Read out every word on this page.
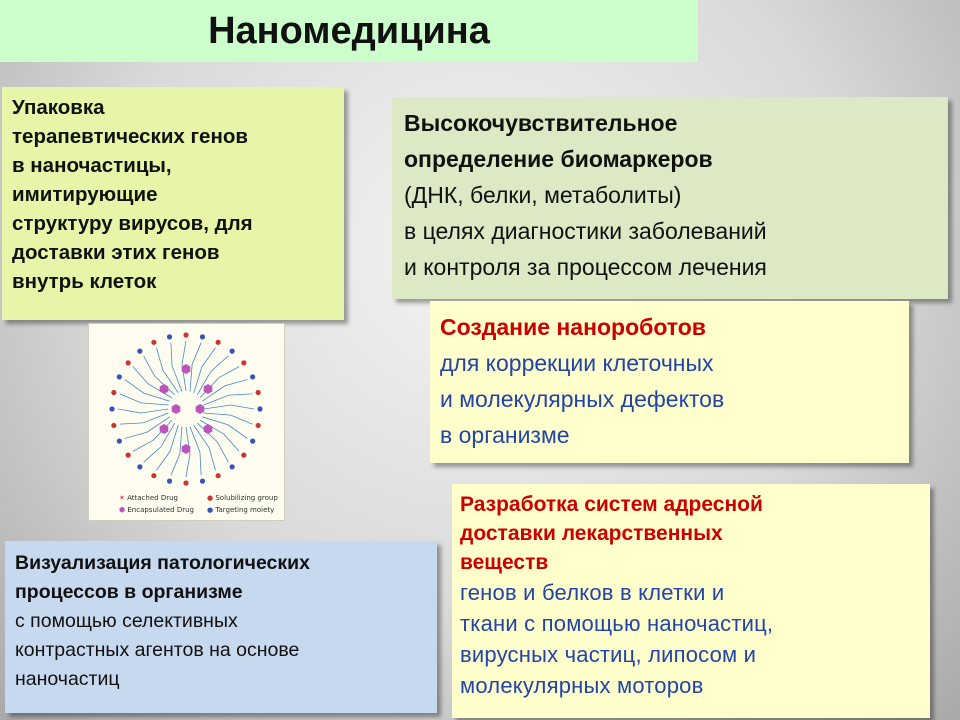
Наномедицина
Упаковка
терапевтических генов
в наночастицы,
имитирующие
структуру вирусов, для
доставки этих генов
внутрь клеток
Высокочувствительное
определение биомаркеров
(ДНК, белки, метаболиты)
в целях диагностики заболеваний
и контроля за процессом лечения
Создание нанороботов
для коррекции клеточных
и молекулярных дефектов
в организме
✶ Attached Drug	● Solubilizing group
⬢ Encapsulated Drug ● Targeting moiety	Разработка систем адресной
доставки лекарственных
веществ
генов и белков в клетки и
ткани с помощью наночастиц,
вирусных частиц, липосом и
молекулярных моторов
Визуализация патологических
процессов в организме
с помощью селективных
контрастных агентов на основе
наночастиц
